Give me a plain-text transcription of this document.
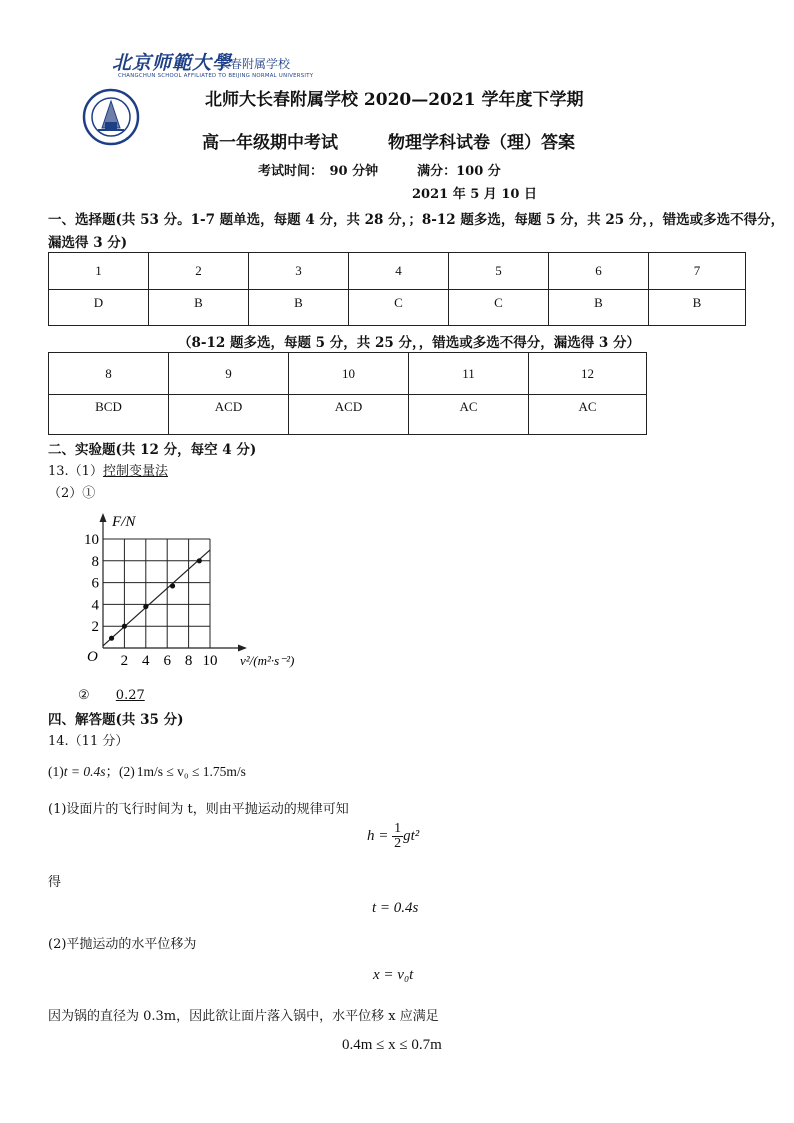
北京师範大學
长春附属学校
CHANGCHUN SCHOOL AFFILIATED TO BEIJING NORMAL UNIVERSITY
北师大长春附属学校 2020—2021 学年度下学期
高一年级期中考试	物理学科试卷（理）答案
考试时间：　90 分钟　　　满分：100 分
2021 年 5 月 10 日
一、选择题(共 53 分。1-7 题单选，每题 4 分，共 28 分，；8-12 题多选，每题 5 分，共 25 分，，错选或多选不得分，
漏选得 3 分)
1	2	3	4	5	6	7
D	B	B	C	C	B	B
（8-12 题多选，每题 5 分，共 25 分，，错选或多选不得分，漏选得 3 分）
8	9	10	11	12
BCD	ACD	ACD	AC	AC
二、实验题(共 12 分，每空 4 分)
13.（1）控制变量法
（2）①
2 4 6 8 10
2
4
6
8
10
F/N
v²/(m²·s⁻²)
O
② 0.27
四、解答题(共 35 分)
14.（11 分）
(1)t = 0.4s；(2) 1m/s ≤ v₀ ≤ 1.75m/s
(1)设面片的飞行时间为 t，则由平抛运动的规律可知
$h = \frac{1}{2} gt^2$
得
t = 0.4s
(2)平抛运动的水平位移为
x = v₀t
因为锅的直径为 0.3m，因此欲让面片落入锅中，水平位移 x 应满足
0.4m ≤ x ≤ 0.7m
